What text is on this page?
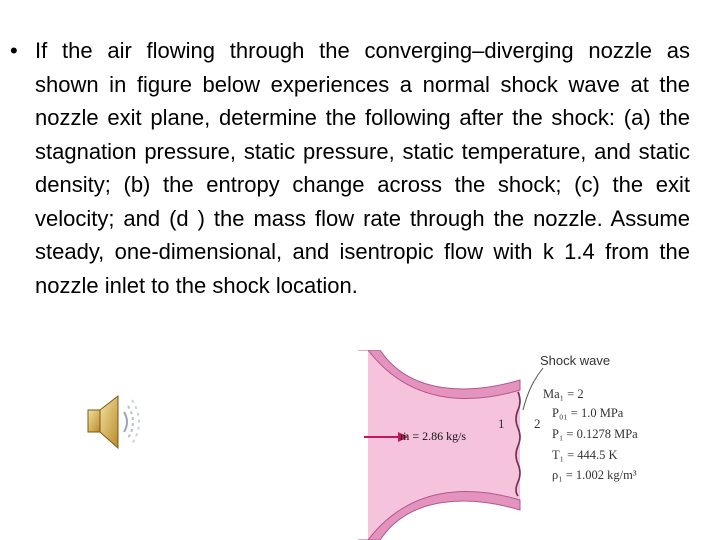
• If the air flowing through the converging–diverging nozzle as shown in figure below experiences a normal shock wave at the nozzle exit plane, determine the following after the shock: (a) the stagnation pressure, static pressure, static temperature, and static density; (b) the entropy change across the shock; (c) the exit velocity; and (d ) the mass flow rate through the nozzle. Assume steady, one-dimensional, and isentropic flow with k 1.4 from the nozzle inlet to the shock location.

Shock wave
ṁ = 2.86 kg/s
1 2
Ma₁ = 2
P₀₁ = 1.0 MPa
P₁ = 0.1278 MPa
T₁ = 444.5 K
ρ₁ = 1.002 kg/m³
